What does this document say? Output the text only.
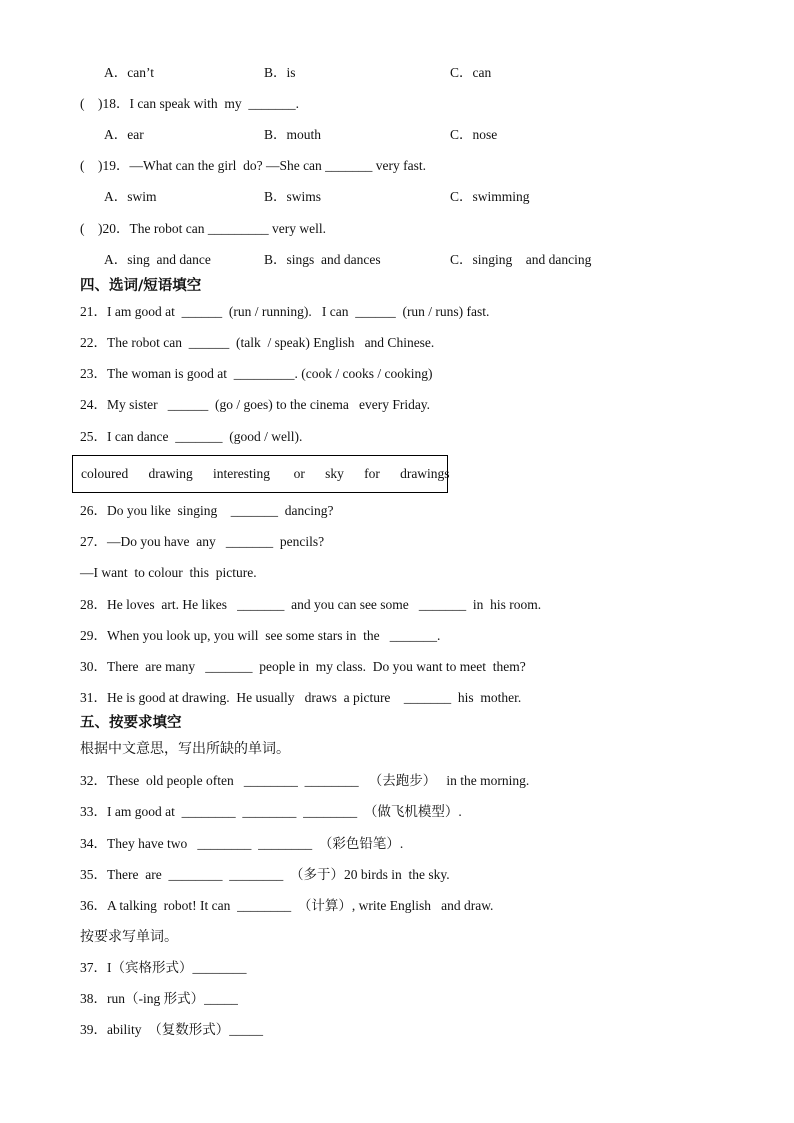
A．can’t	B．is	C．can
(    )18．I can speak with  my  _______.
A．ear	B．mouth	C．nose
(    )19．—What can the girl  do? —She can _______ very fast.
A．swim	B．swims	C．swimming
(    )20．The robot can _________ very well.
A．sing  and dance	B．sings  and dances	C．singing    and dancing
四、选词/短语填空
21．I am good at  ______  (run / running).   I can  ______  (run / runs) fast.
22．The robot can  ______  (talk  / speak) English   and Chinese.
23．The woman is good at  _________. (cook / cooks / cooking)
24．My sister   ______  (go / goes) to the cinema   every Friday.
25．I can dance  _______  (good / well).
coloured      drawing      interesting       or      sky      for      drawings
26．Do you like  singing    _______  dancing?
27．—Do you have  any   _______  pencils?
—I want  to colour  this  picture.
28．He loves  art. He likes   _______  and you can see some   _______  in  his room.
29．When you look up, you will  see some stars in  the   _______.
30．There  are many   _______  people in  my class.  Do you want to meet  them?
31．He is good at drawing.  He usually   draws  a picture    _______  his  mother.
五、按要求填空
根据中文意思，写出所缺的单词。
32．These  old people often   ________  ________   （去跑步）   in the morning.
33．I am good at  ________  ________  ________  （做飞机模型）.
34．They have two   ________  ________  （彩色铅笔）.
35．There  are  ________  ________  （多于）20 birds in  the sky.
36．A talking  robot! It can  ________  （计算）, write English   and draw.
按要求写单词。
37．I（宾格形式）________
38．run（-ing 形式）_____
39．ability  （复数形式）_____
